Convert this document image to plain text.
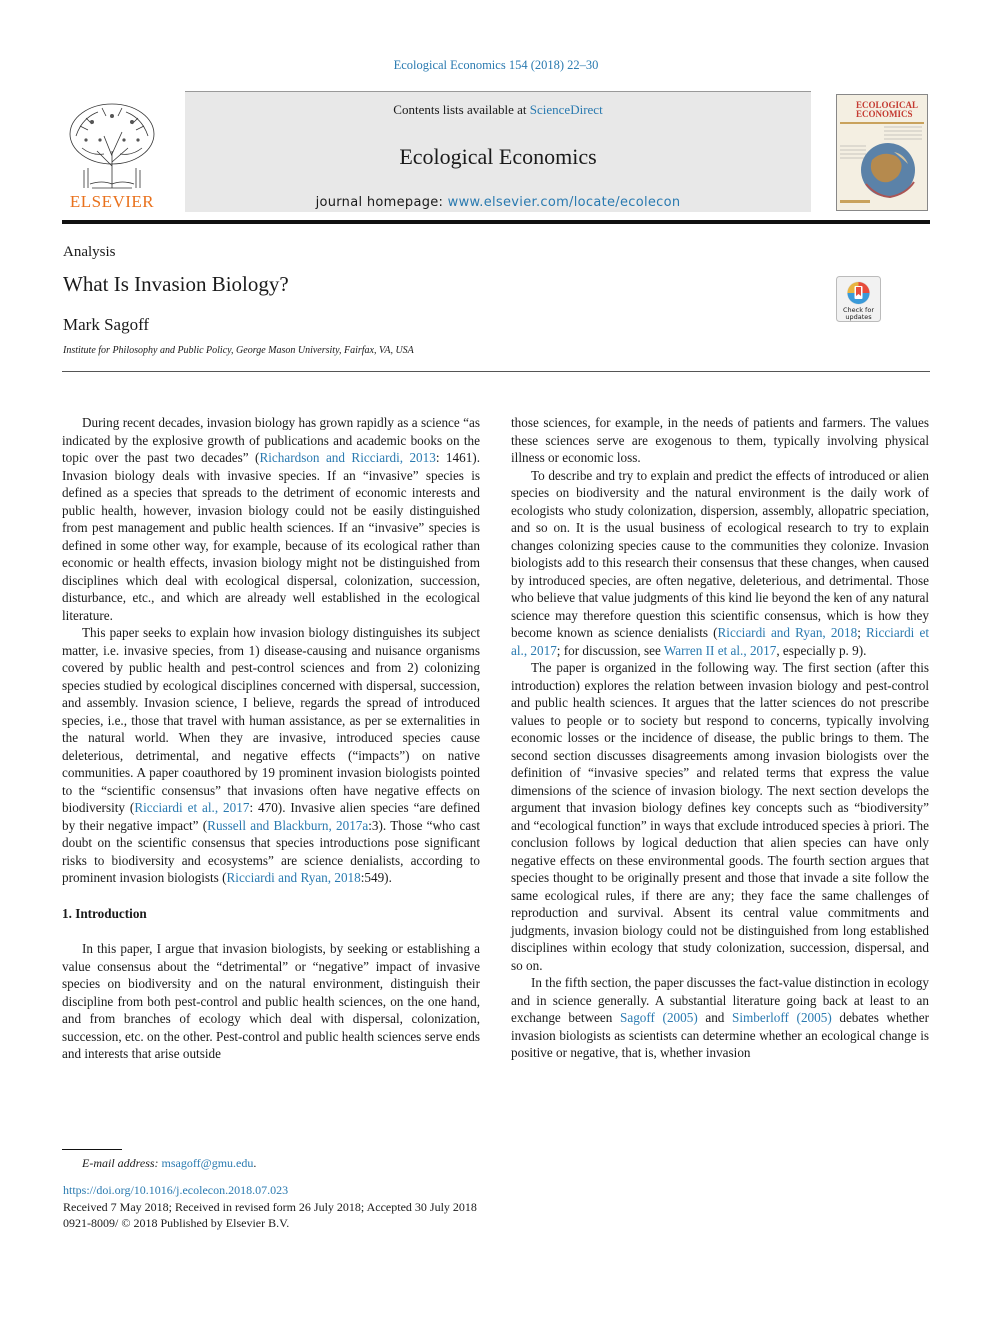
Ecological Economics 154 (2018) 22–30
ELSEVIER
Contents lists available at ScienceDirect
Ecological Economics
journal homepage: www.elsevier.com/locate/ecolecon
ECOLOGICAL
ECONOMICS
Analysis
What Is Invasion Biology?
Mark Sagoff
Institute for Philosophy and Public Policy, George Mason University, Fairfax, VA, USA
Check for
updates

During recent decades, invasion biology has grown rapidly as a science “as indicated by the explosive growth of publications and academic books on the topic over the past two decades” (Richardson and Ricciardi, 2013: 1461). Invasion biology deals with invasive species. If an “invasive” species is defined as a species that spreads to the detriment of economic interests and public health, however, invasion biology could not be easily distinguished from pest management and public health sciences. If an “invasive” species is defined in some other way, for example, because of its ecological rather than economic or health effects, invasion biology might not be distinguished from disciplines which deal with ecological dispersal, colonization, succession, disturbance, etc., and which are already well established in the ecological literature.

This paper seeks to explain how invasion biology distinguishes its subject matter, i.e. invasive species, from 1) disease-causing and nuisance organisms covered by public health and pest-control sciences and from 2) colonizing species studied by ecological disciplines concerned with dispersal, succession, and assembly. Invasion science, I believe, regards the spread of introduced species, i.e., those that travel with human assistance, as per se externalities in the natural world. When they are invasive, introduced species cause deleterious, detrimental, and negative effects (“impacts”) on native communities. A paper coauthored by 19 prominent invasion biologists pointed to the “scientific consensus” that invasions often have negative effects on biodiversity (Ricciardi et al., 2017: 470). Invasive alien species “are defined by their negative impact” (Russell and Blackburn, 2017a:3). Those “who cast doubt on the scientific consensus that species introductions pose significant risks to biodiversity and ecosystems” are science denialists, according to prominent invasion biologists (Ricciardi and Ryan, 2018:549).

1. Introduction

In this paper, I argue that invasion biologists, by seeking or establishing a value consensus about the “detrimental” or “negative” impact of invasive species on biodiversity and on the natural environment, distinguish their discipline from both pest-control and public health sciences, on the one hand, and from branches of ecology which deal with dispersal, colonization, succession, etc. on the other. Pest-control and public health sciences serve ends and interests that arise outside

those sciences, for example, in the needs of patients and farmers. The values these sciences serve are exogenous to them, typically involving physical illness or economic loss.

To describe and try to explain and predict the effects of introduced or alien species on biodiversity and the natural environment is the daily work of ecologists who study colonization, dispersion, assembly, allopatric speciation, and so on. It is the usual business of ecological research to try to explain changes colonizing species cause to the communities they colonize. Invasion biologists add to this research their consensus that these changes, when caused by introduced species, are often negative, deleterious, and detrimental. Those who believe that value judgments of this kind lie beyond the ken of any natural science may therefore question this scientific consensus, which is how they become known as science denialists (Ricciardi and Ryan, 2018; Ricciardi et al., 2017; for discussion, see Warren II et al., 2017, especially p. 9).

The paper is organized in the following way. The first section (after this introduction) explores the relation between invasion biology and pest-control and public health sciences. It argues that the latter sciences do not prescribe values to people or to society but respond to concerns, typically involving economic losses or the incidence of disease, the public brings to them. The second section discusses disagreements among invasion biologists over the definition of “invasive species” and related terms that express the value dimensions of the science of invasion biology. The next section develops the argument that invasion biology defines key concepts such as “biodiversity” and “ecological function” in ways that exclude introduced species à priori. The conclusion follows by logical deduction that alien species can have only negative effects on these environmental goods. The fourth section argues that species thought to be originally present and those that invade a site follow the same ecological rules, if there are any; they face the same challenges of reproduction and survival. Absent its central value commitments and judgments, invasion biology could not be distinguished from long established disciplines within ecology that study colonization, succession, dispersal, and so on.

In the fifth section, the paper discusses the fact-value distinction in ecology and in science generally. A substantial literature going back at least to an exchange between Sagoff (2005) and Simberloff (2005) debates whether invasion biologists as scientists can determine whether an ecological change is positive or negative, that is, whether invasion

E-mail address: msagoff@gmu.edu.
https://doi.org/10.1016/j.ecolecon.2018.07.023
Received 7 May 2018; Received in revised form 26 July 2018; Accepted 30 July 2018
0921-8009/ © 2018 Published by Elsevier B.V.
